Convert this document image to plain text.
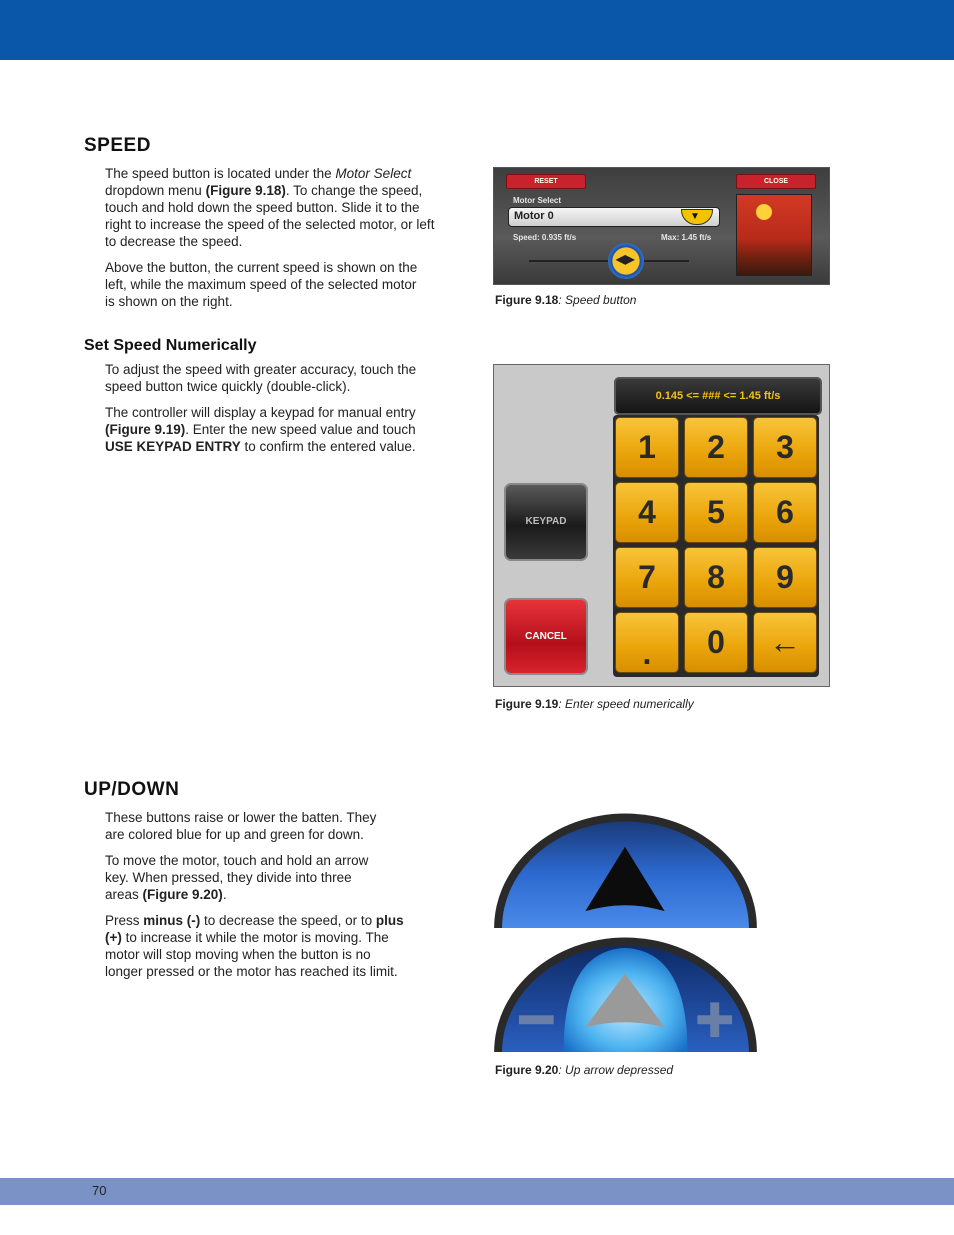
SPEED

The speed button is located under the Motor Select dropdown menu (Figure 9.18). To change the speed, touch and hold down the speed button. Slide it to the right to increase the speed of the selected motor, or left to decrease the speed.

Above the button, the current speed is shown on the left, while the maximum speed of the selected motor is shown on the right.

Set Speed Numerically

To adjust the speed with greater accuracy, touch the speed button twice quickly (double-click).

The controller will display a keypad for manual entry (Figure 9.19). Enter the new speed value and touch USE KEYPAD ENTRY to confirm the entered value.

UP/DOWN

These buttons raise or lower the batten. They are colored blue for up and green for down.

To move the motor, touch and hold an arrow key. When pressed, they divide into three areas (Figure 9.20).

Press minus (-) to decrease the speed, or to plus (+) to increase it while the motor is moving. The motor will stop moving when the button is no longer pressed or the motor has reached its limit.

RESET	CLOSE
Motor Select
Motor 0	▼
Speed: 0.935 ft/s	Max: 1.45 ft/s
◀▶
Figure 9.18: Speed button
0.145 <= ### <= 1.45 ft/s
KEYPAD
CANCEL
1	2	3
4	5	6
7	8	9
.	0	←
Figure 9.19: Enter speed numerically
Figure 9.20: Up arrow depressed
70
